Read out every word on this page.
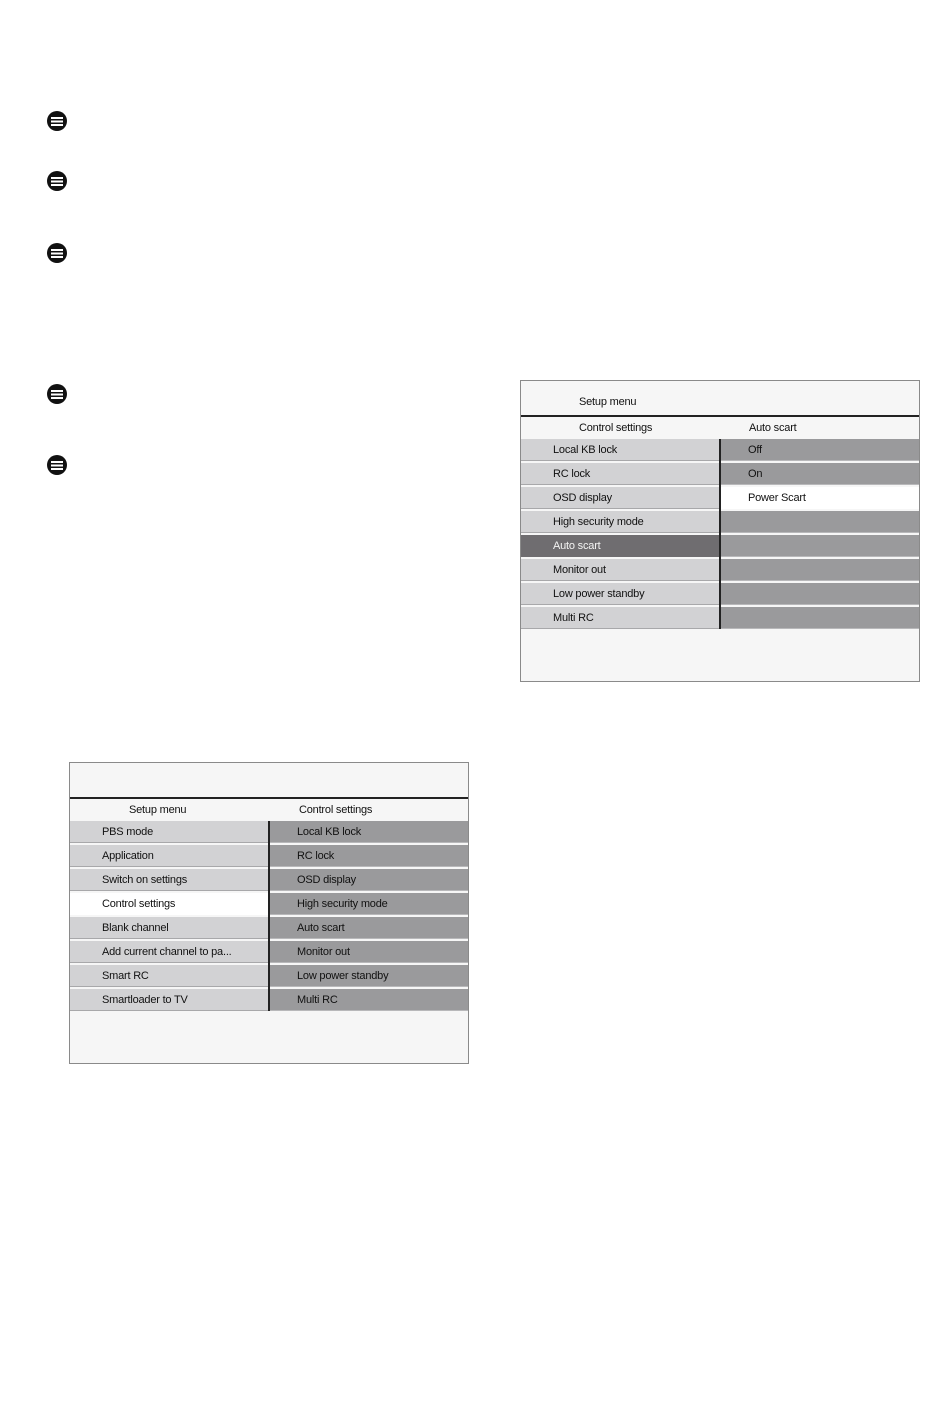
Setup menu
Control settings	Auto scart
Local KB lock
RC lock
OSD display
High security mode
Auto scart
Monitor out
Low power standby
Multi RC
Off
On
Power Scart
Setup menu	Control settings
PBS mode
Application
Switch on settings
Control settings
Blank channel
Add current channel to pa...
Smart RC
Smartloader to TV
Local KB lock
RC lock
OSD display
High security mode
Auto scart
Monitor out
Low power standby
Multi RC
